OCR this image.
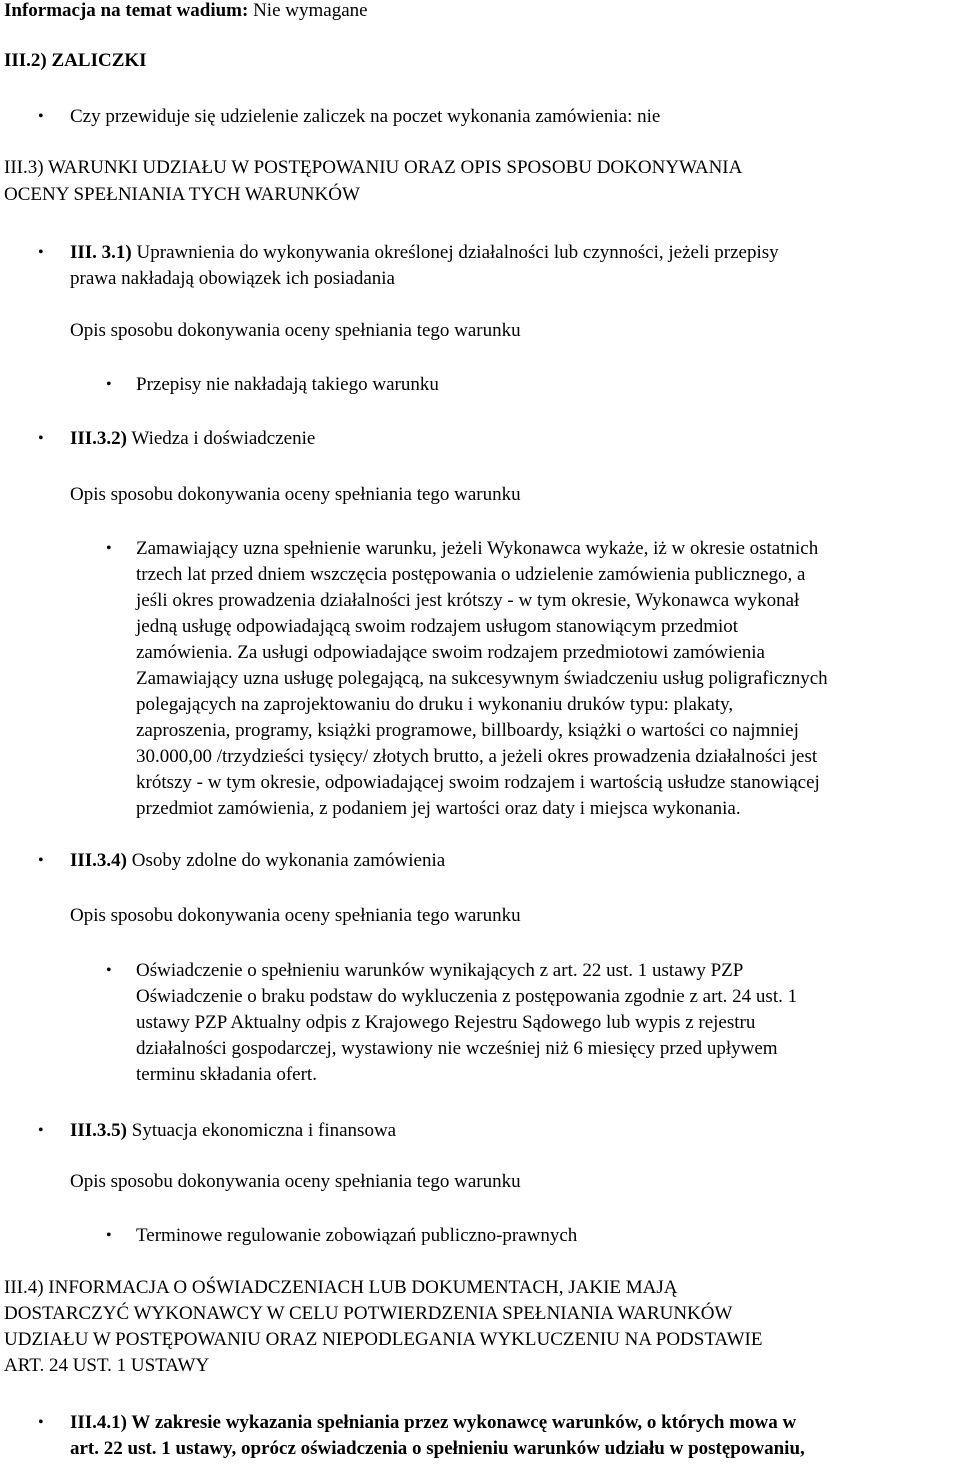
Informacja na temat wadium: Nie wymagane
III.2) ZALICZKI
• Czy przewiduje się udzielenie zaliczek na poczet wykonania zamówienia: nie
III.3) WARUNKI UDZIAŁU W POSTĘPOWANIU ORAZ OPIS SPOSOBU DOKONYWANIA
OCENY SPEŁNIANIA TYCH WARUNKÓW
• III. 3.1) Uprawnienia do wykonywania określonej działalności lub czynności, jeżeli przepisy
prawa nakładają obowiązek ich posiadania
Opis sposobu dokonywania oceny spełniania tego warunku
• Przepisy nie nakładają takiego warunku
• III.3.2) Wiedza i doświadczenie
Opis sposobu dokonywania oceny spełniania tego warunku
• Zamawiający uzna spełnienie warunku, jeżeli Wykonawca wykaże, iż w okresie ostatnich
trzech lat przed dniem wszczęcia postępowania o udzielenie zamówienia publicznego, a
jeśli okres prowadzenia działalności jest krótszy - w tym okresie, Wykonawca wykonał
jedną usługę odpowiadającą swoim rodzajem usługom stanowiącym przedmiot
zamówienia. Za usługi odpowiadające swoim rodzajem przedmiotowi zamówienia
Zamawiający uzna usługę polegającą, na sukcesywnym świadczeniu usług poligraficznych
polegających na zaprojektowaniu do druku i wykonaniu druków typu: plakaty,
zaproszenia, programy, książki programowe, billboardy, książki o wartości co najmniej
30.000,00 /trzydzieści tysięcy/ złotych brutto, a jeżeli okres prowadzenia działalności jest
krótszy - w tym okresie, odpowiadającej swoim rodzajem i wartością usłudze stanowiącej
przedmiot zamówienia, z podaniem jej wartości oraz daty i miejsca wykonania.
• III.3.4) Osoby zdolne do wykonania zamówienia
Opis sposobu dokonywania oceny spełniania tego warunku
• Oświadczenie o spełnieniu warunków wynikających z art. 22 ust. 1 ustawy PZP
Oświadczenie o braku podstaw do wykluczenia z postępowania zgodnie z art. 24 ust. 1
ustawy PZP Aktualny odpis z Krajowego Rejestru Sądowego lub wypis z rejestru
działalności gospodarczej, wystawiony nie wcześniej niż 6 miesięcy przed upływem
terminu składania ofert.
• III.3.5) Sytuacja ekonomiczna i finansowa
Opis sposobu dokonywania oceny spełniania tego warunku
• Terminowe regulowanie zobowiązań publiczno-prawnych
III.4) INFORMACJA O OŚWIADCZENIACH LUB DOKUMENTACH, JAKIE MAJĄ
DOSTARCZYĆ WYKONAWCY W CELU POTWIERDZENIA SPEŁNIANIA WARUNKÓW
UDZIAŁU W POSTĘPOWANIU ORAZ NIEPODLEGANIA WYKLUCZENIU NA PODSTAWIE
ART. 24 UST. 1 USTAWY
• III.4.1) W zakresie wykazania spełniania przez wykonawcę warunków, o których mowa w
art. 22 ust. 1 ustawy, oprócz oświadczenia o spełnieniu warunków udziału w postępowaniu,
